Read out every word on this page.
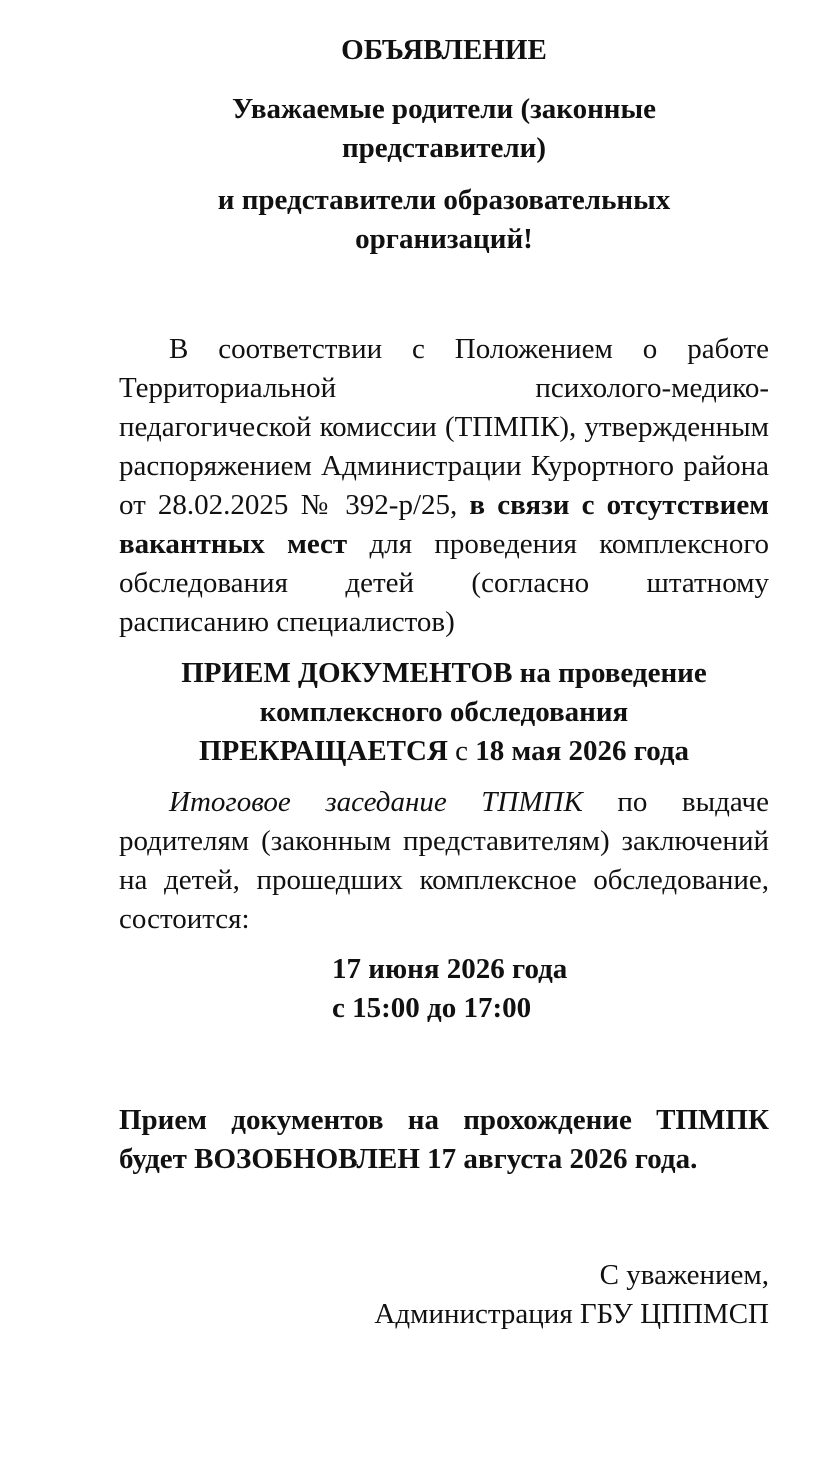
ОБЪЯВЛЕНИЕ
Уважаемые родители (законные представители)
и представители образовательных организаций!

В соответствии с Положением о работе Территориальной психолого-медико-педагогической комиссии (ТПМПК), утвержденным распоряжением Администрации Курортного района от 28.02.2025 № 392-р/25, в связи с отсутствием вакантных мест для проведения комплексного обследования детей (согласно штатному расписанию специалистов)

ПРИЕМ ДОКУМЕНТОВ на проведение комплексного обследования
ПРЕКРАЩАЕТСЯ с 18 мая 2026 года

Итоговое заседание ТПМПК по выдаче родителям (законным представителям) заключений на детей, прошедших комплексное обследование, состоится:

17 июня 2026 года
с 15:00 до 17:00

Прием документов на прохождение ТПМПК будет ВОЗОБНОВЛЕН 17 августа 2026 года.

С уважением,
Администрация ГБУ ЦППМСП
